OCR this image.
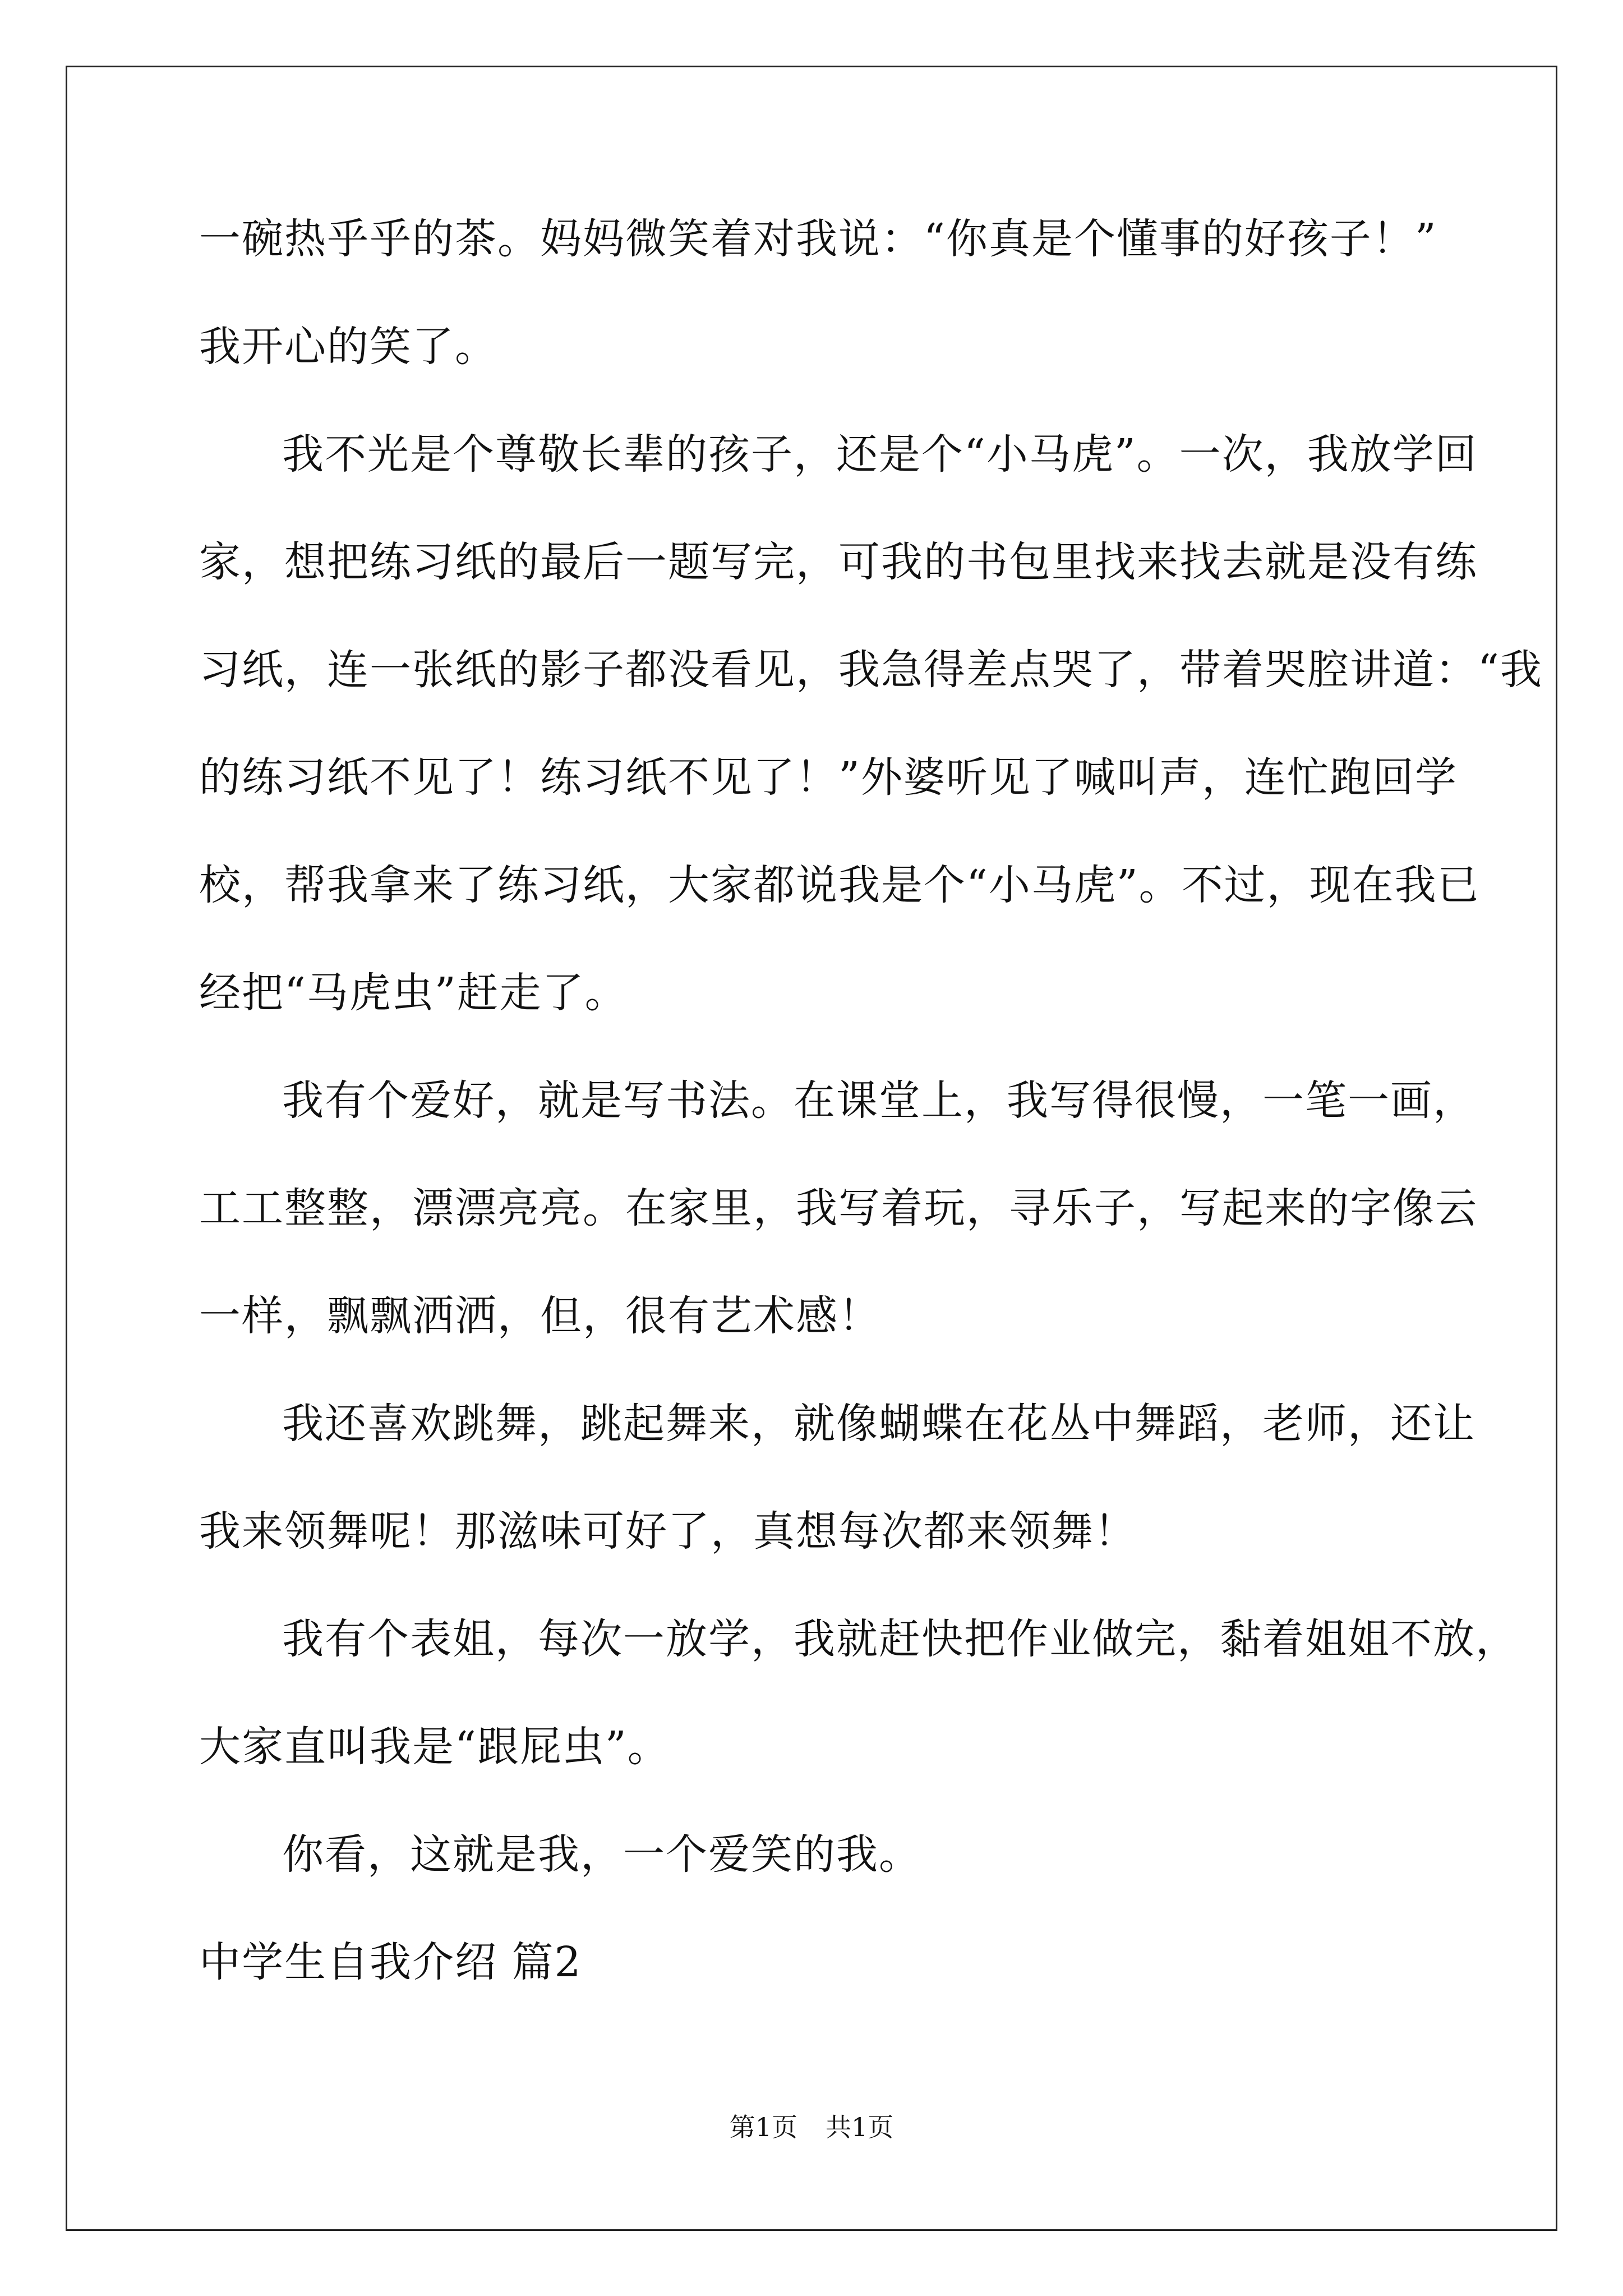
一碗热乎乎的茶。妈妈微笑着对我说：“你真是个懂事的好孩子！”
我开心的笑了。
我不光是个尊敬长辈的孩子，还是个“小马虎”。一次，我放学回
家，想把练习纸的最后一题写完，可我的书包里找来找去就是没有练
习纸，连一张纸的影子都没看见，我急得差点哭了，带着哭腔讲道：“我
的练习纸不见了！练习纸不见了！”外婆听见了喊叫声，连忙跑回学
校，帮我拿来了练习纸，大家都说我是个“小马虎”。不过，现在我已
经把“马虎虫”赶走了。
我有个爱好，就是写书法。在课堂上，我写得很慢，一笔一画，
工工整整，漂漂亮亮。在家里，我写着玩，寻乐子，写起来的字像云
一样，飘飘洒洒，但，很有艺术感！
我还喜欢跳舞，跳起舞来，就像蝴蝶在花丛中舞蹈，老师，还让
我来领舞呢！那滋味可好了，真想每次都来领舞！
我有个表姐，每次一放学，我就赶快把作业做完，黏着姐姐不放，
大家直叫我是“跟屁虫”。
你看，这就是我，一个爱笑的我。
中学生自我介绍 篇2
第1页 共1页
